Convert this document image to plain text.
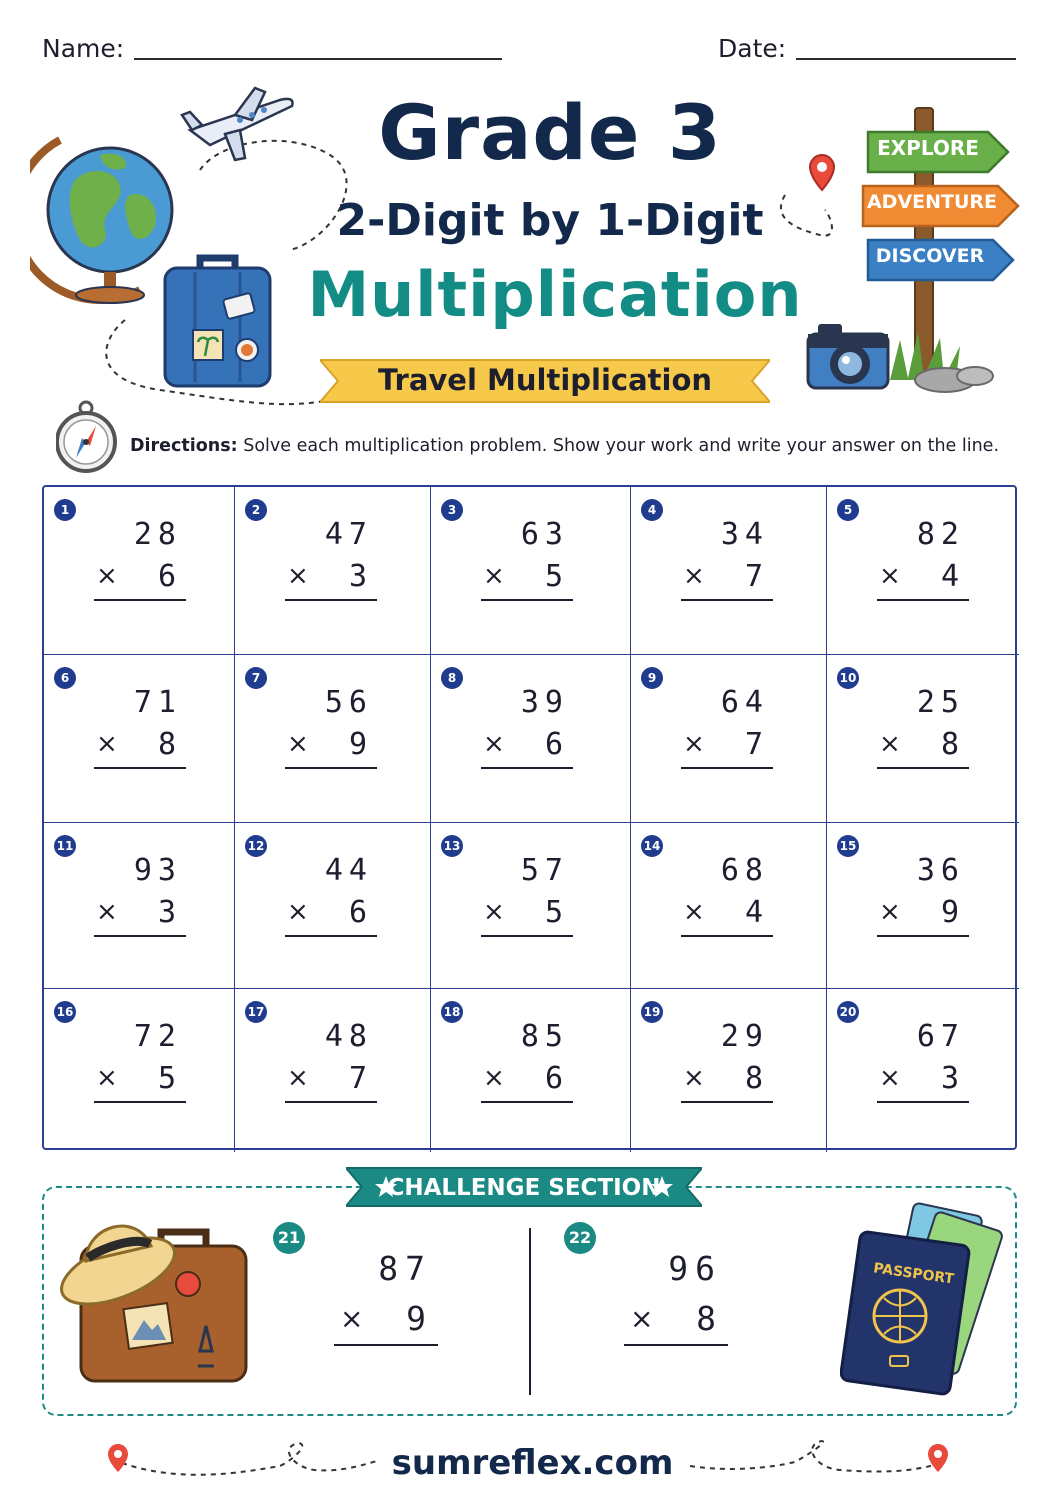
Name:	Date:
EXPLORE
ADVENTURE
DISCOVER
Grade 3
2-Digit by 1-Digit
Multiplication
Travel Multiplication
Directions: Solve each multiplication problem. Show your work and write your answer on the line.
1
28
× 6
2
47
× 3
3
63
× 5
4
34
× 7
5
82
× 4
6
71
× 8
7
56
× 9
8
39
× 6
9
64
× 7
10
25
× 8
11
93
× 3
12
44
× 6
13
57
× 5
14
68
× 4
15
36
× 9
16
72
× 5
17
48
× 7
18
85
× 6
19
29
× 8
20
67
× 3
CHALLENGE SECTION
PASSPORT
21
87
× 9
22
96
× 8
sumreflex.com
